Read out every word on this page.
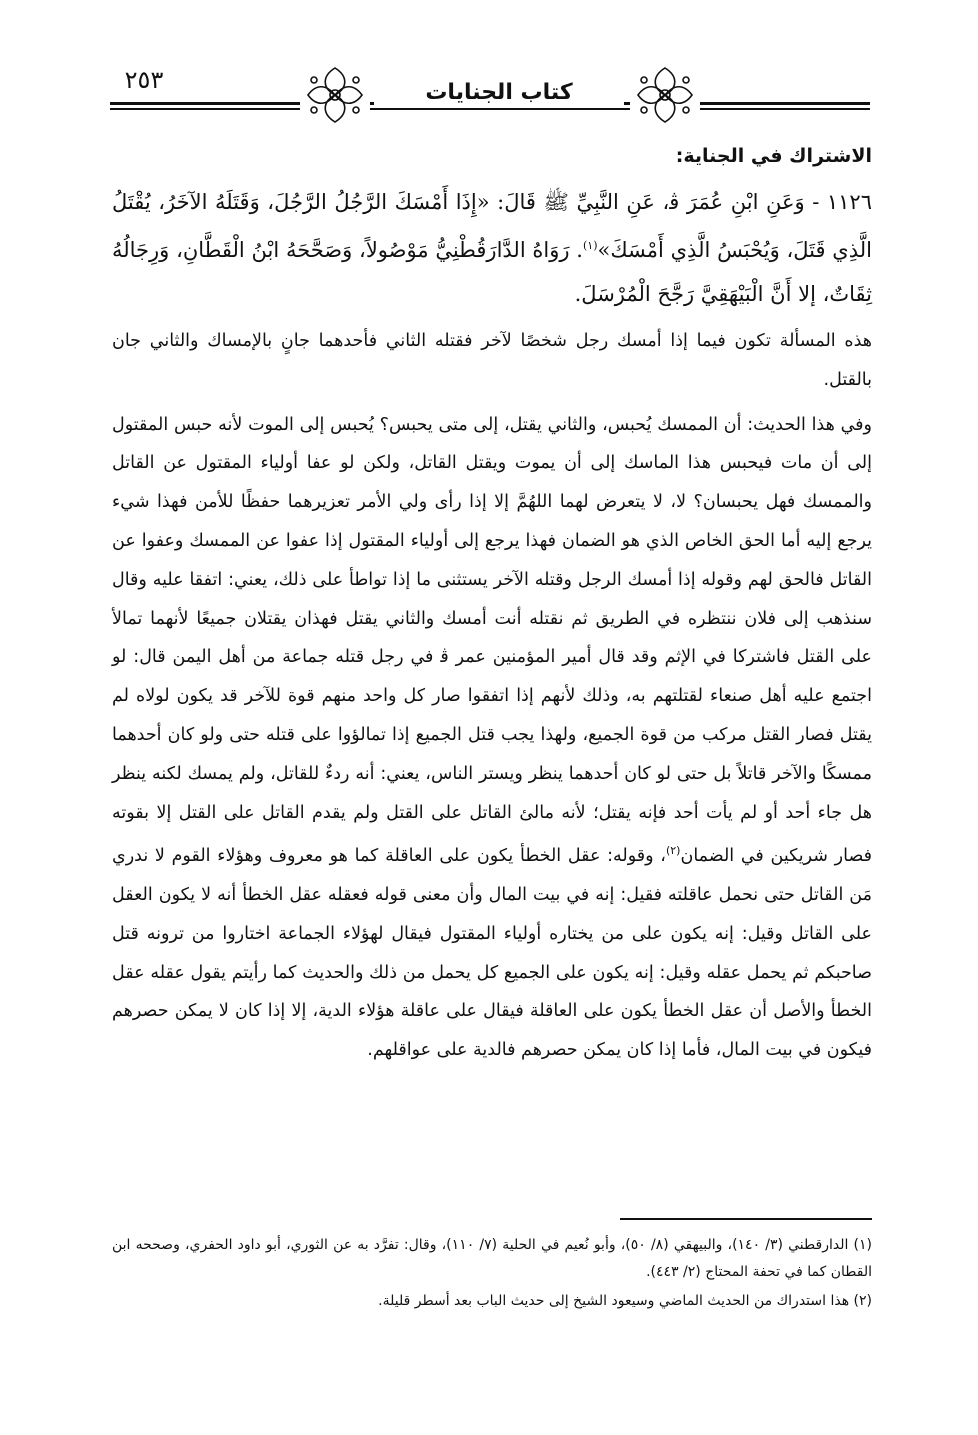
٢٥٣	كتاب الجنايات
الاشتراك في الجناية:

١١٢٦ - وَعَنِ ابْنِ عُمَرَ ﭬ، عَنِ النَّبِيِّ ﷺ قَالَ: «إِذَا أَمْسَكَ الرَّجُلُ الرَّجُلَ، وَقَتَلَهُ الآخَرُ، يُقْتَلُ الَّذِي قَتَلَ، وَيُحْبَسُ الَّذِي أَمْسَكَ»$^{(١)}$. رَوَاهُ الدَّارَقُطْنِيُّ مَوْصُولاً، وَصَحَّحَهُ ابْنُ الْقَطَّانِ، وَرِجَالُهُ ثِقَاتٌ، إلا أَنَّ الْبَيْهَقِيَّ رَجَّحَ الْمُرْسَلَ.

هذه المسألة تكون فيما إذا أمسك رجل شخصًا لآخر فقتله الثاني فأحدهما جانٍ بالإمساك والثاني جان بالقتل.

وفي هذا الحديث: أن الممسك يُحبس، والثاني يقتل، إلى متى يحبس؟ يُحبس إلى الموت لأنه حبس المقتول إلى أن مات فيحبس هذا الماسك إلى أن يموت ويقتل القاتل، ولكن لو عفا أولياء المقتول عن القاتل والممسك فهل يحبسان؟ لا، لا يتعرض لهما اللهُمَّ إلا إذا رأى ولي الأمر تعزيرهما حفظًا للأمن فهذا شيء يرجع إليه أما الحق الخاص الذي هو الضمان فهذا يرجع إلى أولياء المقتول إذا عفوا عن الممسك وعفوا عن القاتل فالحق لهم وقوله إذا أمسك الرجل وقتله الآخر يستثنى ما إذا تواطأ على ذلك، يعني: اتفقا عليه وقال سنذهب إلى فلان ننتظره في الطريق ثم نقتله أنت أمسك والثاني يقتل فهذان يقتلان جميعًا لأنهما تمالأ على القتل فاشتركا في الإثم وقد قال أمير المؤمنين عمر ﭬ في رجل قتله جماعة من أهل اليمن قال: لو اجتمع عليه أهل صنعاء لقتلتهم به، وذلك لأنهم إذا اتفقوا صار كل واحد منهم قوة للآخر قد يكون لولاه لم يقتل فصار القتل مركب من قوة الجميع، ولهذا يجب قتل الجميع إذا تمالؤوا على قتله حتى ولو كان أحدهما ممسكًا والآخر قاتلاً بل حتى لو كان أحدهما ينظر ويستر الناس، يعني: أنه ردءٌ للقاتل، ولم يمسك لكنه ينظر هل جاء أحد أو لم يأت أحد فإنه يقتل؛ لأنه مالئ القاتل على القتل ولم يقدم القاتل على القتل إلا بقوته فصار شريكين في الضمان$^{(٢)}$، وقوله: عقل الخطأ يكون على العاقلة كما هو معروف وهؤلاء القوم لا ندري مَن القاتل حتى نحمل عاقلته فقيل: إنه في بيت المال وأن معنى قوله فعقله عقل الخطأ أنه لا يكون العقل على القاتل وقيل: إنه يكون على من يختاره أولياء المقتول فيقال لهؤلاء الجماعة اختاروا من ترونه قتل صاحبكم ثم يحمل عقله وقيل: إنه يكون على الجميع كل يحمل من ذلك والحديث كما رأيتم يقول عقله عقل الخطأ والأصل أن عقل الخطأ يكون على العاقلة فيقال على عاقلة هؤلاء الدية، إلا إذا كان لا يمكن حصرهم فيكون في بيت المال، فأما إذا كان يمكن حصرهم فالدية على عواقلهم.

(١) الدارقطني (٣/ ١٤٠)، والبيهقي (٨/ ٥٠)، وأبو نُعيم في الحلية (٧/ ١١٠)، وقال: تفرَّد به عن الثوري، أبو داود الحفري، وصححه ابن القطان كما في تحفة المحتاج (٢/ ٤٤٣).

(٢) هذا استدراك من الحديث الماضي وسيعود الشيخ إلى حديث الباب بعد أسطر قليلة.
